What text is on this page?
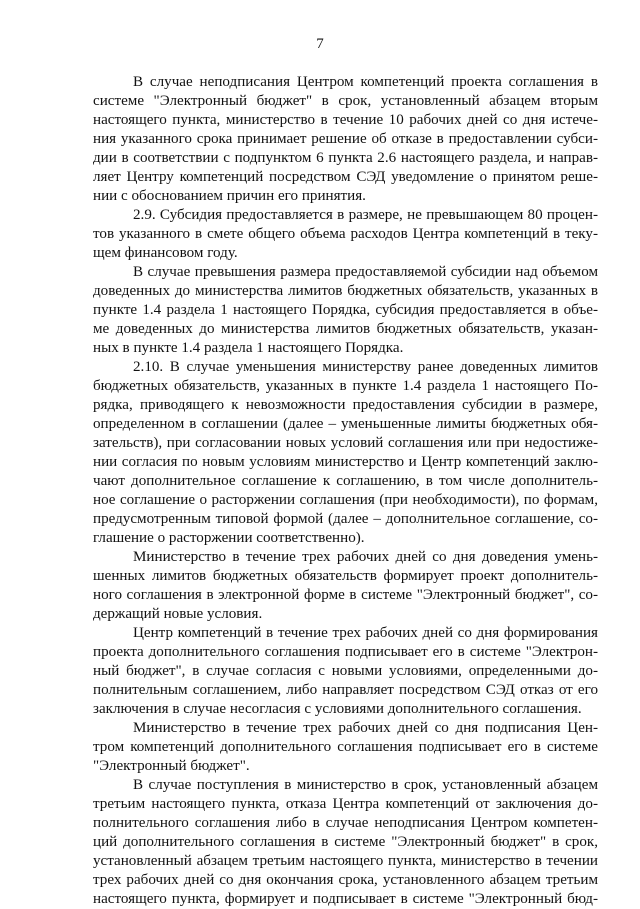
7
В случае неподписания Центром компетенций проекта соглашения в
системе "Электронный бюджет" в срок, установленный абзацем вторым
настоящего пункта, министерство в течение 10 рабочих дней со дня истече-
ния указанного срока принимает решение об отказе в предоставлении субси-
дии в соответствии с подпунктом 6 пункта 2.6 настоящего раздела, и направ-
ляет Центру компетенций посредством СЭД уведомление о принятом реше-
нии с обоснованием причин его принятия.
2.9. Субсидия предоставляется в размере, не превышающем 80 процен-
тов указанного в смете общего объема расходов Центра компетенций в теку-
щем финансовом году.
В случае превышения размера предоставляемой субсидии над объемом
доведенных до министерства лимитов бюджетных обязательств, указанных в
пункте 1.4 раздела 1 настоящего Порядка, субсидия предоставляется в объе-
ме доведенных до министерства лимитов бюджетных обязательств, указан-
ных в пункте 1.4 раздела 1 настоящего Порядка.
2.10. В случае уменьшения министерству ранее доведенных лимитов
бюджетных обязательств, указанных в пункте 1.4 раздела 1 настоящего По-
рядка, приводящего к невозможности предоставления субсидии в размере,
определенном в соглашении (далее – уменьшенные лимиты бюджетных обя-
зательств), при согласовании новых условий соглашения или при недостиже-
нии согласия по новым условиям министерство и Центр компетенций заклю-
чают дополнительное соглашение к соглашению, в том числе дополнитель-
ное соглашение о расторжении соглашения (при необходимости), по формам,
предусмотренным типовой формой (далее – дополнительное соглашение, со-
глашение о расторжении соответственно).
Министерство в течение трех рабочих дней со дня доведения умень-
шенных лимитов бюджетных обязательств формирует проект дополнитель-
ного соглашения в электронной форме в системе "Электронный бюджет", со-
держащий новые условия.
Центр компетенций в течение трех рабочих дней со дня формирования
проекта дополнительного соглашения подписывает его в системе "Электрон-
ный бюджет", в случае согласия с новыми условиями, определенными до-
полнительным соглашением, либо направляет посредством СЭД отказ от его
заключения в случае несогласия с условиями дополнительного соглашения.
Министерство в течение трех рабочих дней со дня подписания Цен-
тром компетенций дополнительного соглашения подписывает его в системе
"Электронный бюджет".
В случае поступления в министерство в срок, установленный абзацем
третьим настоящего пункта, отказа Центра компетенций от заключения до-
полнительного соглашения либо в случае неподписания Центром компетен-
ций дополнительного соглашения в системе "Электронный бюджет" в срок,
установленный абзацем третьим настоящего пункта, министерство в течении
трех рабочих дней со дня окончания срока, установленного абзацем третьим
настоящего пункта, формирует и подписывает в системе "Электронный бюд-
